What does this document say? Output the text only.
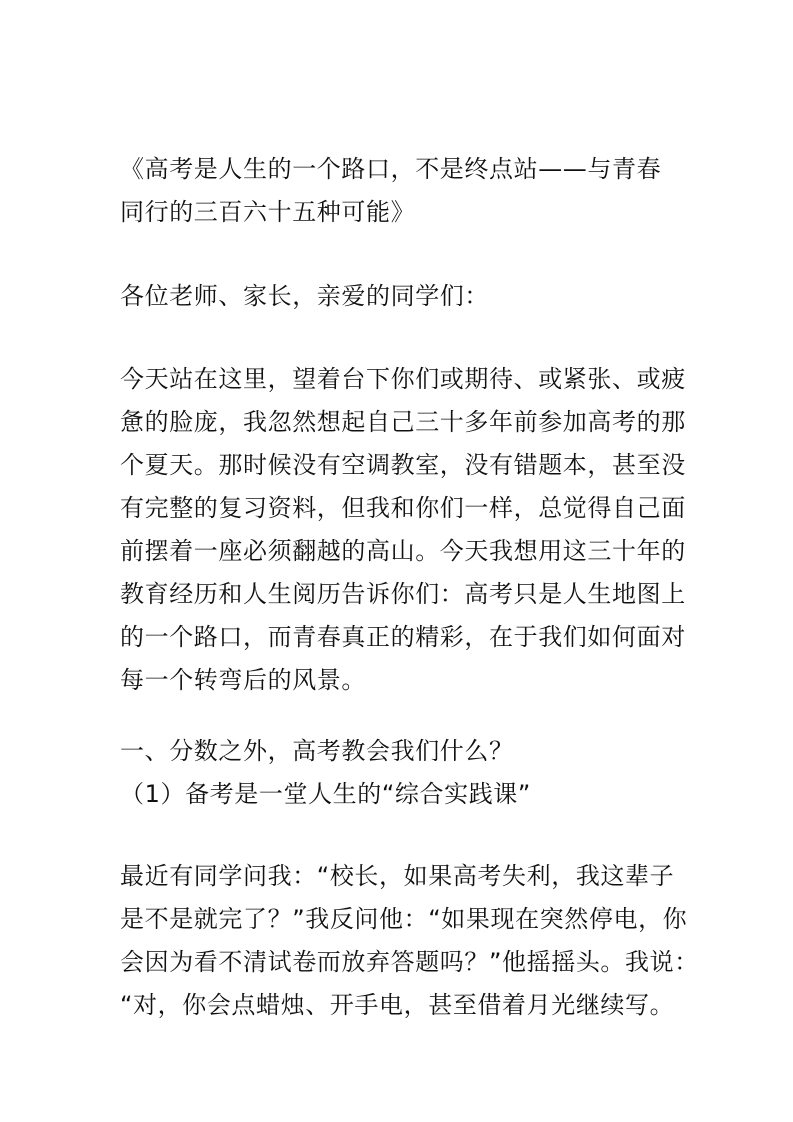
《高考是人生的一个路口，不是终点站——与青春
同行的三百六十五种可能》
各位老师、家长，亲爱的同学们：
今天站在这里，望着台下你们或期待、或紧张、或疲
惫的脸庞，我忽然想起自己三十多年前参加高考的那
个夏天。那时候没有空调教室，没有错题本，甚至没
有完整的复习资料，但我和你们一样，总觉得自己面
前摆着一座必须翻越的高山。今天我想用这三十年的
教育经历和人生阅历告诉你们：高考只是人生地图上
的一个路口，而青春真正的精彩，在于我们如何面对
每一个转弯后的风景。
一、分数之外，高考教会我们什么？
（1）备考是一堂人生的“综合实践课”
最近有同学问我：“校长，如果高考失利，我这辈子
是不是就完了？”我反问他：“如果现在突然停电，你
会因为看不清试卷而放弃答题吗？”他摇摇头。我说：
“对，你会点蜡烛、开手电，甚至借着月光继续写。
